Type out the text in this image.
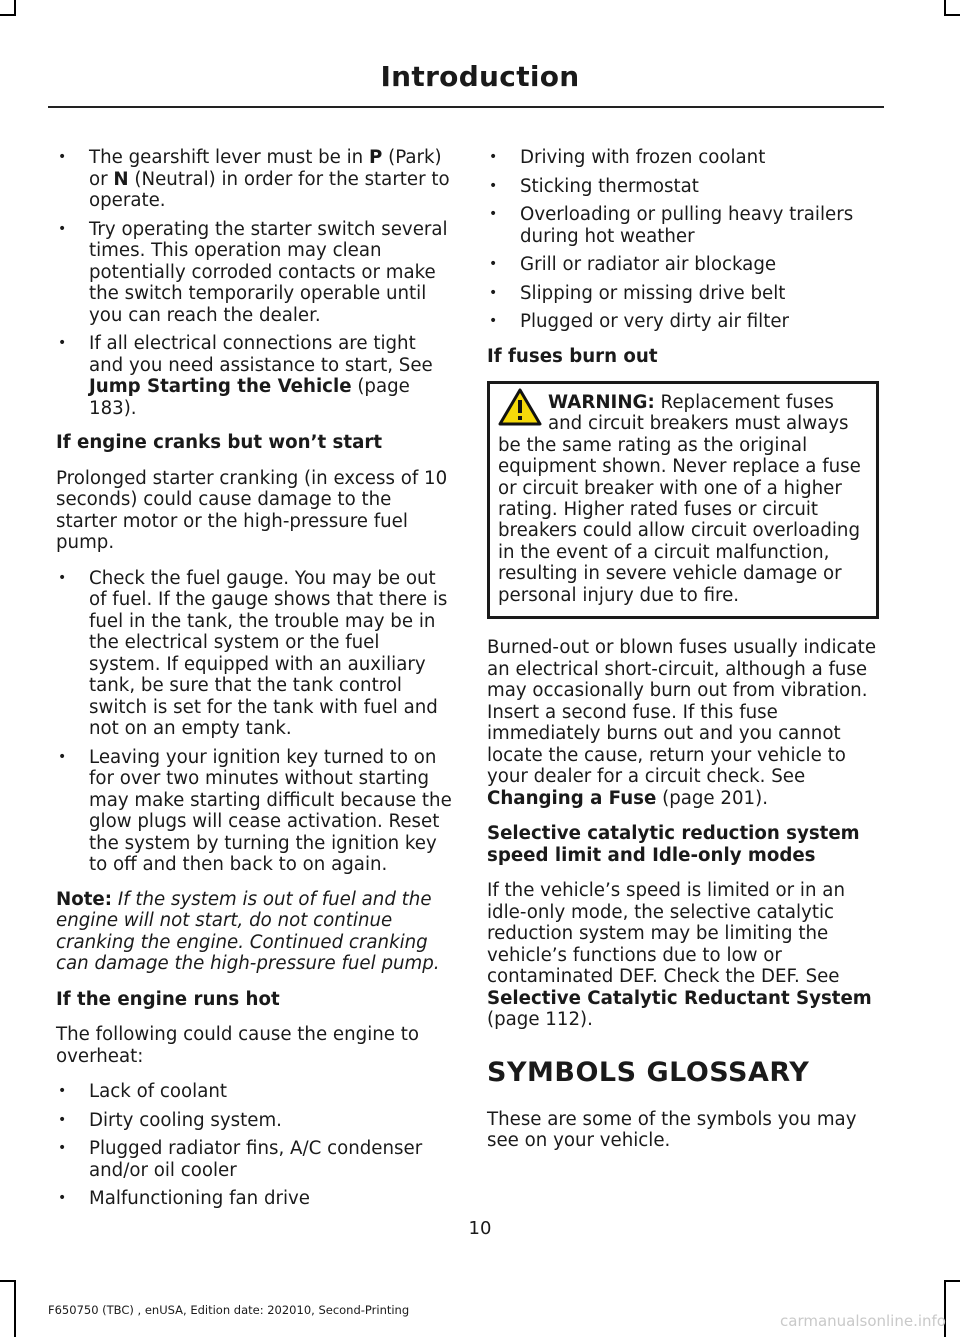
Introduction
• The gearshift lever must be in P (Park) or N (Neutral) in order for the starter to operate.
• Try operating the starter switch several times. This operation may clean potentially corroded contacts or make the switch temporarily operable until you can reach the dealer.
• If all electrical connections are tight and you need assistance to start, See Jump Starting the Vehicle (page 183).

If engine cranks but won’t start

Prolonged starter cranking (in excess of 10 seconds) could cause damage to the starter motor or the high-pressure fuel pump.

• Check the fuel gauge. You may be out of fuel. If the gauge shows that there is fuel in the tank, the trouble may be in the electrical system or the fuel system. If equipped with an auxiliary tank, be sure that the tank control switch is set for the tank with fuel and not on an empty tank.
• Leaving your ignition key turned to on for over two minutes without starting may make starting difficult because the glow plugs will cease activation. Reset the system by turning the ignition key to off and then back to on again.

Note: If the system is out of fuel and the engine will not start, do not continue cranking the engine. Continued cranking can damage the high-pressure fuel pump.

If the engine runs hot

The following could cause the engine to overheat:

• Lack of coolant
• Dirty cooling system.
• Plugged radiator fins, A/C condenser and/or oil cooler
• Malfunctioning fan drive
• Driving with frozen coolant
• Sticking thermostat
• Overloading or pulling heavy trailers during hot weather
• Grill or radiator air blockage
• Slipping or missing drive belt
• Plugged or very dirty air filter

If fuses burn out

WARNING: Replacement fuses and circuit breakers must always be the same rating as the original equipment shown. Never replace a fuse or circuit breaker with one of a higher rating. Higher rated fuses or circuit breakers could allow circuit overloading in the event of a circuit malfunction, resulting in severe vehicle damage or personal injury due to fire.

Burned-out or blown fuses usually indicate an electrical short-circuit, although a fuse may occasionally burn out from vibration. Insert a second fuse. If this fuse immediately burns out and you cannot locate the cause, return your vehicle to your dealer for a circuit check. See Changing a Fuse (page 201).

Selective catalytic reduction system speed limit and Idle-only modes

If the vehicle’s speed is limited or in an idle-only mode, the selective catalytic reduction system may be limiting the vehicle’s functions due to low or contaminated DEF. Check the DEF. See Selective Catalytic Reductant System (page 112).

SYMBOLS GLOSSARY

These are some of the symbols you may see on your vehicle.

10
F650750 (TBC) , enUSA, Edition date: 202010, Second-Printing
carmanualsonline.info
